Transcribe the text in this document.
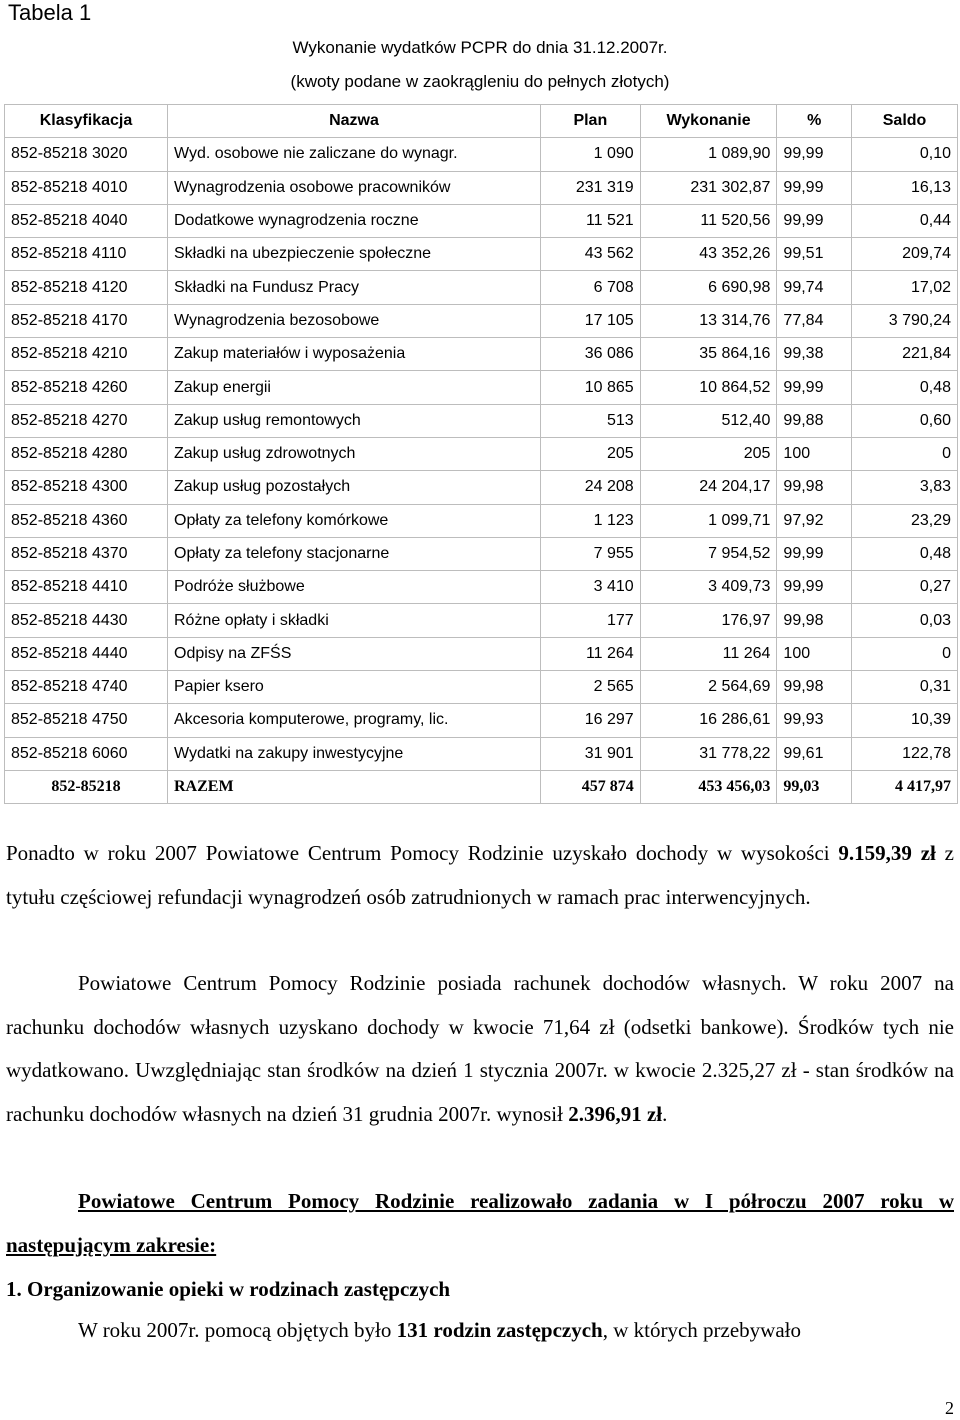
Tabela 1
Wykonanie wydatków PCPR do dnia 31.12.2007r.
(kwoty podane w zaokrągleniu do pełnych złotych)
Klasyfikacja	Nazwa	Plan	Wykonanie	%	Saldo
852-85218 3020	Wyd. osobowe nie zaliczane do wynagr.	1 090	1 089,90	99,99	0,10
852-85218 4010	Wynagrodzenia osobowe pracowników	231 319	231 302,87	99,99	16,13
852-85218 4040	Dodatkowe wynagrodzenia roczne	11 521	11 520,56	99,99	0,44
852-85218 4110	Składki na ubezpieczenie społeczne	43 562	43 352,26	99,51	209,74
852-85218 4120	Składki na Fundusz Pracy	6 708	6 690,98	99,74	17,02
852-85218 4170	Wynagrodzenia bezosobowe	17 105	13 314,76	77,84	3 790,24
852-85218 4210	Zakup materiałów i wyposażenia	36 086	35 864,16	99,38	221,84
852-85218 4260	Zakup energii	10 865	10 864,52	99,99	0,48
852-85218 4270	Zakup usług remontowych	513	512,40	99,88	0,60
852-85218 4280	Zakup usług zdrowotnych	205	205	100	0
852-85218 4300	Zakup usług pozostałych	24 208	24 204,17	99,98	3,83
852-85218 4360	Opłaty za telefony komórkowe	1 123	1 099,71	97,92	23,29
852-85218 4370	Opłaty za telefony stacjonarne	7 955	7 954,52	99,99	0,48
852-85218 4410	Podróże służbowe	3 410	3 409,73	99,99	0,27
852-85218 4430	Różne opłaty i składki	177	176,97	99,98	0,03
852-85218 4440	Odpisy na ZFŚS	11 264	11 264	100	0
852-85218 4740	Papier ksero	2 565	2 564,69	99,98	0,31
852-85218 4750	Akcesoria komputerowe, programy, lic.	16 297	16 286,61	99,93	10,39
852-85218 6060	Wydatki na zakupy inwestycyjne	31 901	31 778,22	99,61	122,78
852-85218	RAZEM	457 874	453 456,03	99,03	4 417,97
Ponadto w roku 2007 Powiatowe Centrum Pomocy Rodzinie uzyskało dochody w wysokości 9.159,39 zł z tytułu częściowej refundacji wynagrodzeń osób zatrudnionych w ramach prac interwencyjnych.
Powiatowe Centrum Pomocy Rodzinie posiada rachunek dochodów własnych. W roku 2007 na rachunku dochodów własnych uzyskano dochody w kwocie 71,64 zł (odsetki bankowe). Środków tych nie wydatkowano. Uwzględniając stan środków na dzień 1 stycznia 2007r. w kwocie 2.325,27 zł - stan środków na rachunku dochodów własnych na dzień 31 grudnia 2007r. wynosił 2.396,91 zł.
Powiatowe Centrum Pomocy Rodzinie realizowało zadania w I półroczu 2007 roku w następującym zakresie:
1. Organizowanie opieki w rodzinach zastępczych
W roku 2007r. pomocą objętych było 131 rodzin zastępczych, w których przebywało
2
